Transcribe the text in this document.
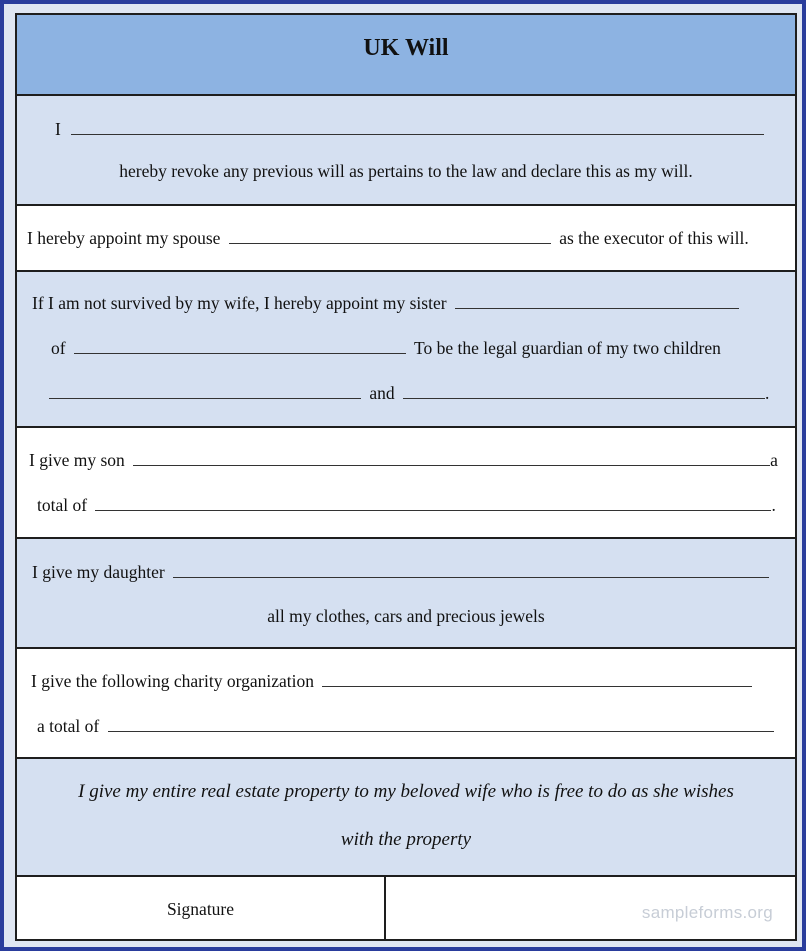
UK Will
I
hereby revoke any previous will as pertains to the law and declare this as my will.
I hereby appoint my spouse	as the executor of this will.
If I am not survived by my wife, I hereby appoint my sister
of	To be the legal guardian of my two children
and	.
I give my son	a
total of	.
I give my daughter
all my clothes, cars and precious jewels
I give the following charity organization
a total of
I give my entire real estate property to my beloved wife who is free to do as she wishes
with the property
Signature	sampleforms.org
